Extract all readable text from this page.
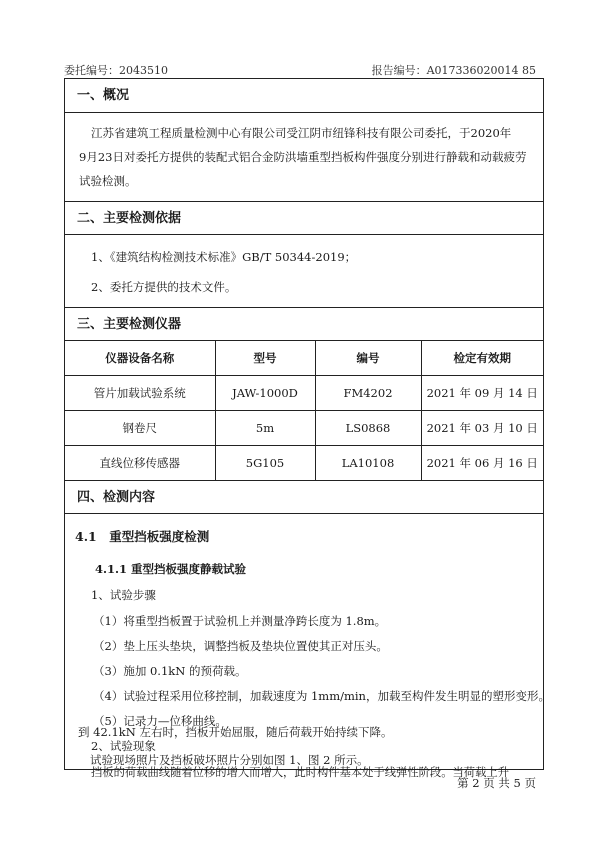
委托编号：2043510	报告编号：A017336020014 85
一、概况
江苏省建筑工程质量检测中心有限公司受江阴市纽锋科技有限公司委托，于2020年
9月23日对委托方提供的装配式铝合金防洪墙重型挡板构件强度分别进行静载和动载疲劳
试验检测。
二、主要检测依据
1、《建筑结构检测技术标准》GB/T 50344-2019；
2、委托方提供的技术文件。
三、主要检测仪器
仪器设备名称	型号	编号	检定有效期
管片加载试验系统	JAW-1000D	FM4202	2021 年 09 月 14 日
钢卷尺	5m	LS0868	2021 年 03 月 10 日
直线位移传感器	5G105	LA10108	2021 年 06 月 16 日
四、检测内容
4.1　重型挡板强度检测
4.1.1 重型挡板强度静载试验
1、试验步骤
（1）将重型挡板置于试验机上并测量净跨长度为 1.8m。
（2）垫上压头垫块，调整挡板及垫块位置使其正对压头。
（3）施加 0.1kN 的预荷载。
（4）试验过程采用位移控制，加载速度为 1mm/min，加载至构件发生明显的塑形变形。
（5）记录力—位移曲线。
2、试验现象
挡板的荷载曲线随着位移的增大而增大，此时构件基本处于线弹性阶段。当荷载上升
到 42.1kN 左右时，挡板开始屈服，随后荷载开始持续下降。
试验现场照片及挡板破坏照片分别如图 1、图 2 所示。
第 2 页 共 5 页
